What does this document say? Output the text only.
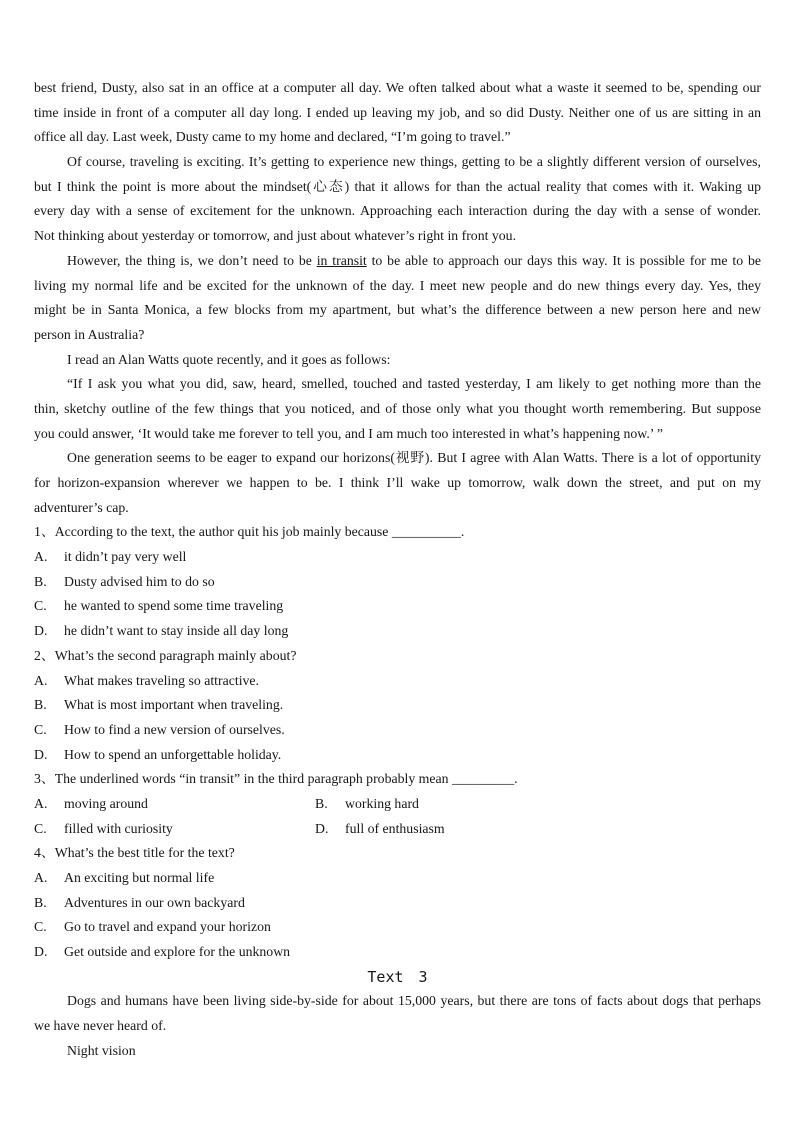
best friend, Dusty, also sat in an office at a computer all day. We often talked about what a waste it seemed to be, spending our
time inside in front of a computer all day long. I ended up leaving my job, and so did Dusty. Neither one of us are sitting in an
office all day. Last week, Dusty came to my home and declared, “I’m going to travel.”
Of course, traveling is exciting. It’s getting to experience new things, getting to be a slightly different version of ourselves,
but I think the point is more about the mindset(心态) that it allows for than the actual reality that comes with it. Waking up
every day with a sense of excitement for the unknown. Approaching each interaction during the day with a sense of wonder.
Not thinking about yesterday or tomorrow, and just about whatever’s right in front you.
However, the thing is, we don’t need to be in transit to be able to approach our days this way. It is possible for me to be
living my normal life and be excited for the unknown of the day. I meet new people and do new things every day. Yes, they
might be in Santa Monica, a few blocks from my apartment, but what’s the difference between a new person here and new
person in Australia?
I read an Alan Watts quote recently, and it goes as follows:
“If I ask you what you did, saw, heard, smelled, touched and tasted yesterday, I am likely to get nothing more than the
thin, sketchy outline of the few things that you noticed, and of those only what you thought worth remembering. But suppose
you could answer, ‘It would take me forever to tell you, and I am much too interested in what’s happening now.’ ”
One generation seems to be eager to expand our horizons(视野). But I agree with Alan Watts. There is a lot of opportunity
for horizon-expansion wherever we happen to be. I think I’ll wake up tomorrow, walk down the street, and put on my
adventurer’s cap.
1、According to the text, the author quit his job mainly because __________.
A. it didn’t pay very well
B. Dusty advised him to do so
C. he wanted to spend some time traveling
D. he didn’t want to stay inside all day long
2、What’s the second paragraph mainly about?
A. What makes traveling so attractive.
B. What is most important when traveling.
C. How to find a new version of ourselves.
D. How to spend an unforgettable holiday.
3、The underlined words “in transit” in the third paragraph probably mean _________.
A. moving around	B. working hard
C. filled with curiosity	D. full of enthusiasm
4、What’s the best title for the text?
A. An exciting but normal life
B. Adventures in our own backyard
C. Go to travel and expand your horizon
D. Get outside and explore for the unknown
Text 3
Dogs and humans have been living side-by-side for about 15,000 years, but there are tons of facts about dogs that perhaps
we have never heard of.
Night vision
